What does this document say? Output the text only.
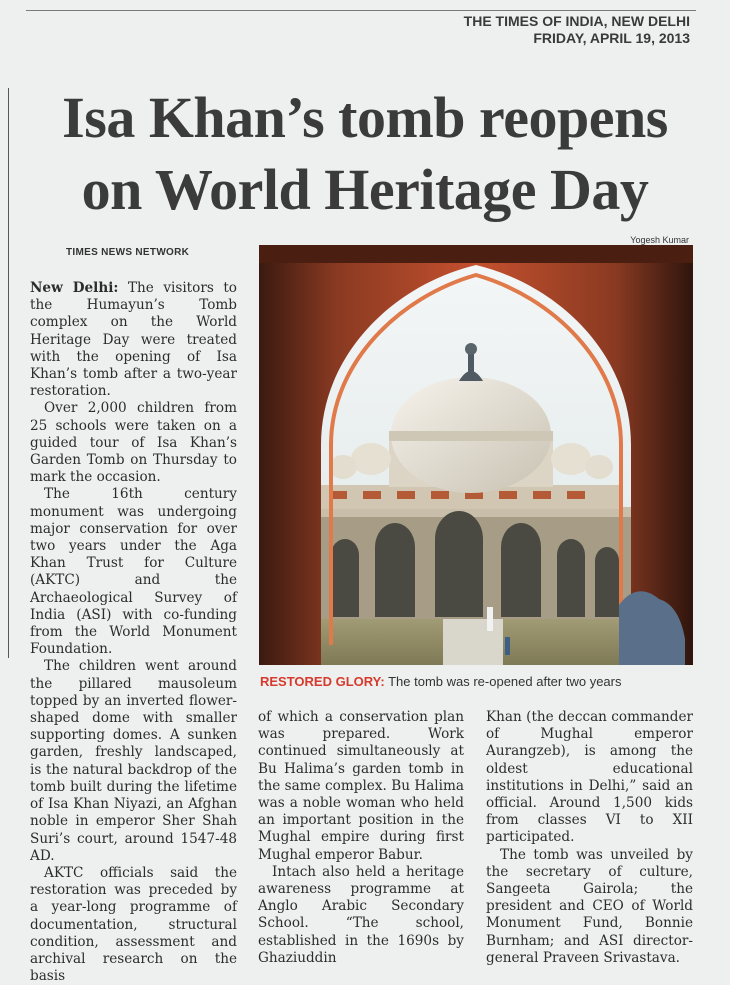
THE TIMES OF INDIA, NEW DELHI
FRIDAY, APRIL 19, 2013
Isa Khan’s tomb reopens
on World Heritage Day
TIMES NEWS NETWORK
Yogesh Kumar
RESTORED GLORY: The tomb was re-opened after two years

New Delhi: The visitors to the Humayun’s Tomb complex on the World Heritage Day were treated with the opening of Isa Khan’s tomb after a two-year restoration.

Over 2,000 children from 25 schools were taken on a guided tour of Isa Khan’s Garden Tomb on Thursday to mark the occasion.

The 16th century monument was undergoing major conservation for over two years under the Aga Khan Trust for Culture (AKTC) and the Archaeological Survey of India (ASI) with co-funding from the World Monument Foundation.

The children went around the pillared mausoleum topped by an inverted flower-shaped dome with smaller supporting domes. A sunken garden, freshly landscaped, is the natural backdrop of the tomb built during the lifetime of Isa Khan Niyazi, an Afghan noble in emperor Sher Shah Suri’s court, around 1547-48 AD.

AKTC officials said the restoration was preceded by a year-long programme of documentation, structural condition, assessment and archival research on the basis

of which a conservation plan was prepared. Work continued simultaneously at Bu Halima’s garden tomb in the same complex. Bu Halima was a noble woman who held an important position in the Mughal empire during first Mughal emperor Babur.

Intach also held a heritage awareness programme at Anglo Arabic Secondary School. “The school, established in the 1690s by Ghaziuddin

Khan (the deccan commander of Mughal emperor Aurangzeb), is among the oldest educational institutions in Delhi,” said an official. Around 1,500 kids from classes VI to XII participated.

The tomb was unveiled by the secretary of culture, Sangeeta Gairola; the president and CEO of World Monument Fund, Bonnie Burnham; and ASI director-general Praveen Srivastava.
